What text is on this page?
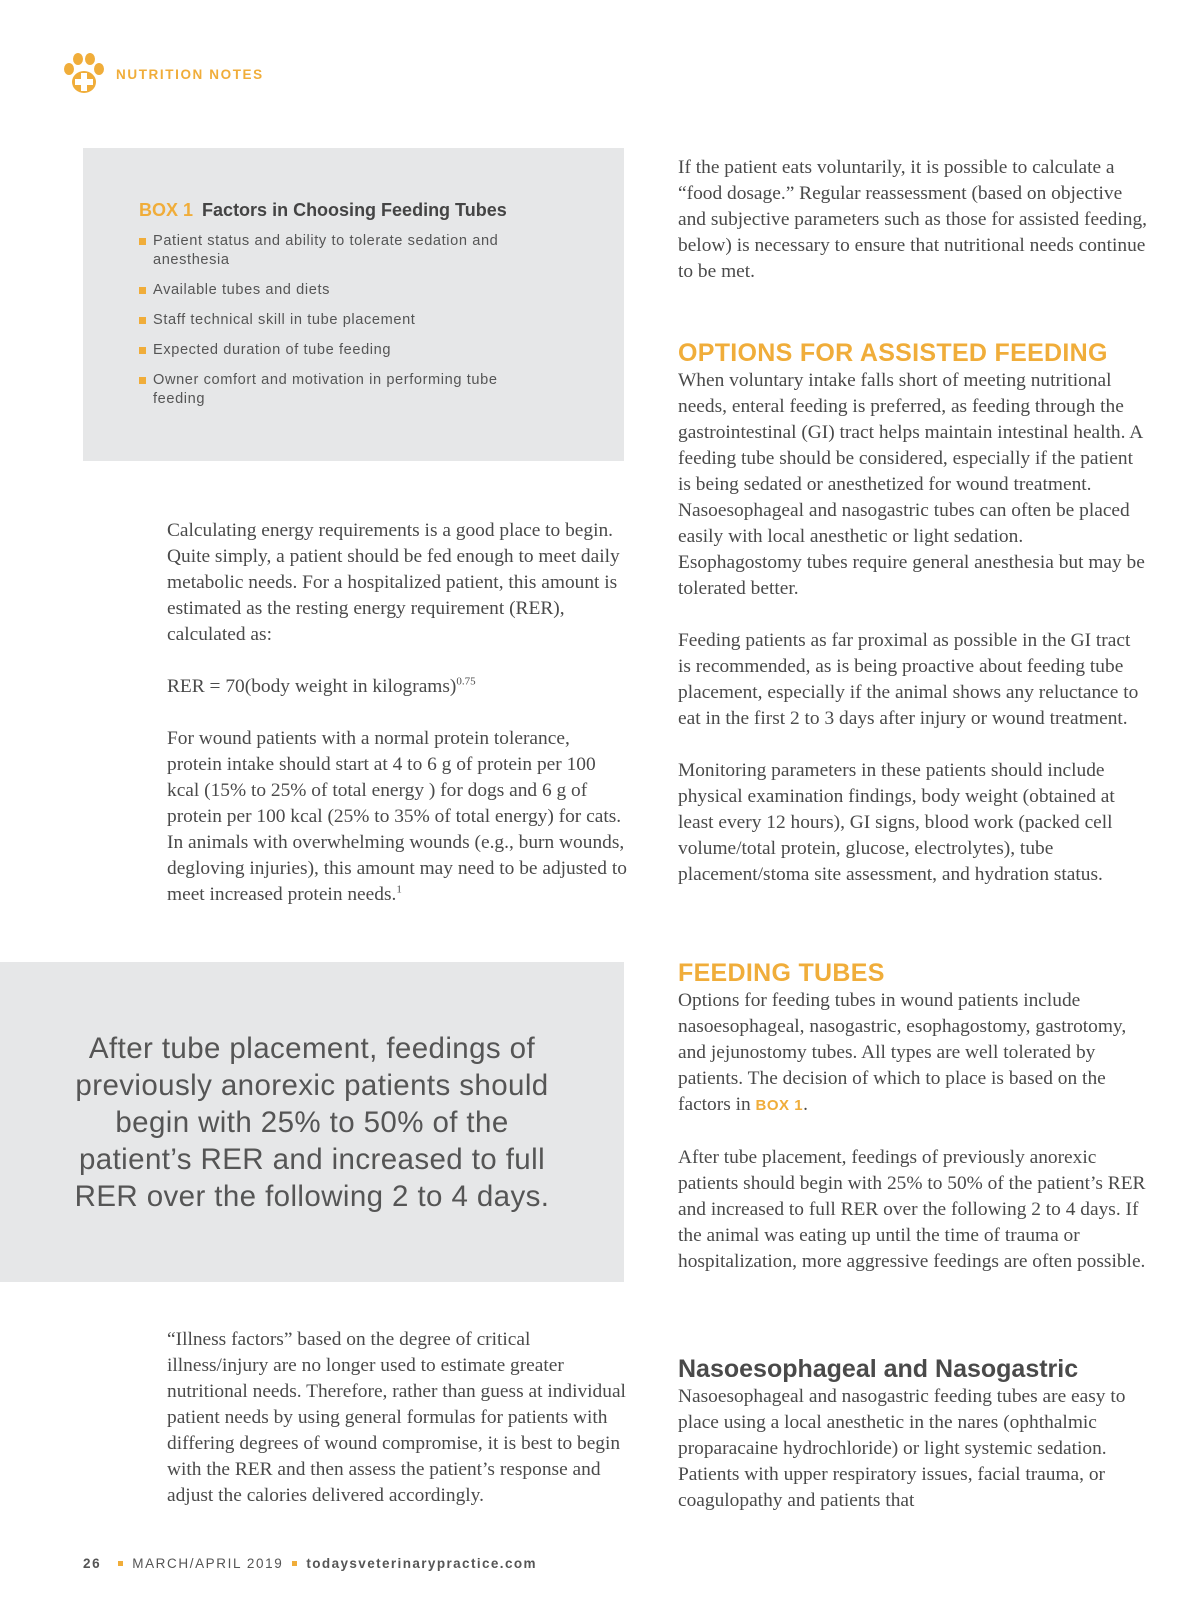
NUTRITION NOTES
BOX 1 Factors in Choosing Feeding Tubes
Patient status and ability to tolerate sedation and anesthesia
Available tubes and diets
Staff technical skill in tube placement
Expected duration of tube feeding
Owner comfort and motivation in performing tube feeding

Calculating energy requirements is a good place to begin. Quite simply, a patient should be fed enough to meet daily metabolic needs. For a hospitalized patient, this amount is estimated as the resting energy requirement (RER), calculated as:

RER = 70(body weight in kilograms)$^{0.75}$

For wound patients with a normal protein tolerance, protein intake should start at 4 to 6 g of protein per 100 kcal (15% to 25% of total energy ) for dogs and 6 g of protein per 100 kcal (25% to 35% of total energy) for cats. In animals with overwhelming wounds (e.g., burn wounds, degloving injuries), this amount may need to be adjusted to meet increased protein needs.$^1$

After tube placement, feedings of previously anorexic patients should begin with 25% to 50% of the patient’s RER and increased to full RER over the following 2 to 4 days.

“Illness factors” based on the degree of critical illness/injury are no longer used to estimate greater nutritional needs. Therefore, rather than guess at individual patient needs by using general formulas for patients with differing degrees of wound compromise, it is best to begin with the RER and then assess the patient’s response and adjust the calories delivered accordingly.

If the patient eats voluntarily, it is possible to calculate a “food dosage.” Regular reassessment (based on objective and subjective parameters such as those for assisted feeding, below) is necessary to ensure that nutritional needs continue to be met.

OPTIONS FOR ASSISTED FEEDING

When voluntary intake falls short of meeting nutritional needs, enteral feeding is preferred, as feeding through the gastrointestinal (GI) tract helps maintain intestinal health. A feeding tube should be considered, especially if the patient is being sedated or anesthetized for wound treatment. Nasoesophageal and nasogastric tubes can often be placed easily with local anesthetic or light sedation. Esophagostomy tubes require general anesthesia but may be tolerated better.

Feeding patients as far proximal as possible in the GI tract is recommended, as is being proactive about feeding tube placement, especially if the animal shows any reluctance to eat in the first 2 to 3 days after injury or wound treatment.

Monitoring parameters in these patients should include physical examination findings, body weight (obtained at least every 12 hours), GI signs, blood work (packed cell volume/total protein, glucose, electrolytes), tube placement/stoma site assessment, and hydration status.

FEEDING TUBES

Options for feeding tubes in wound patients include nasoesophageal, nasogastric, esophagostomy, gastrotomy, and jejunostomy tubes. All types are well tolerated by patients. The decision of which to place is based on the factors in BOX 1.

After tube placement, feedings of previously anorexic patients should begin with 25% to 50% of the patient’s RER and increased to full RER over the following 2 to 4 days. If the animal was eating up until the time of trauma or hospitalization, more aggressive feedings are often possible.

Nasoesophageal and Nasogastric

Nasoesophageal and nasogastric feeding tubes are easy to place using a local anesthetic in the nares (ophthalmic proparacaine hydrochloride) or light systemic sedation. Patients with upper respiratory issues, facial trauma, or coagulopathy and patients that

26 MARCH/APRIL 2019 todaysveterinarypractice.com
